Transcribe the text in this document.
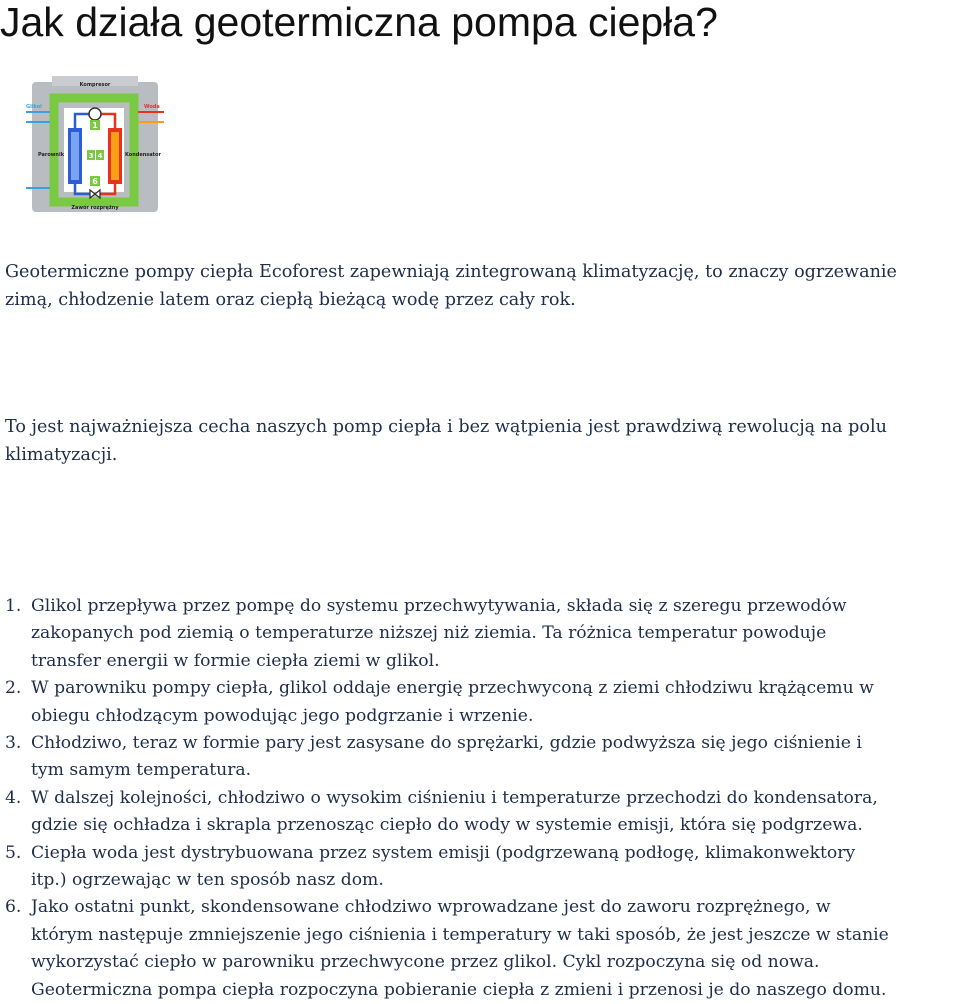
Jak działa geotermiczna pompa ciepła?
1
3 4
6
Kompresor
Parownik	Kondensator
Zawór rozprężny
Glikol	Woda

Geotermiczne pompy ciepła Ecoforest zapewniają zintegrowaną klimatyzację, to znaczy ogrzewanie
zimą, chłodzenie latem oraz ciepłą bieżącą wodę przez cały rok.

To jest najważniejsza cecha naszych pomp ciepła i bez wątpienia jest prawdziwą rewolucją na polu
klimatyzacji.

1. Glikol przepływa przez pompę do systemu przechwytywania, składa się z szeregu przewodów
zakopanych pod ziemią o temperaturze niższej niż ziemia. Ta różnica temperatur powoduje
transfer energii w formie ciepła ziemi w glikol.
2. W parowniku pompy ciepła, glikol oddaje energię przechwyconą z ziemi chłodziwu krążącemu w
obiegu chłodzącym powodując jego podgrzanie i wrzenie.
3. Chłodziwo, teraz w formie pary jest zasysane do sprężarki, gdzie podwyższa się jego ciśnienie i
tym samym temperatura.
4. W dalszej kolejności, chłodziwo o wysokim ciśnieniu i temperaturze przechodzi do kondensatora,
gdzie się ochładza i skrapla przenosząc ciepło do wody w systemie emisji, która się podgrzewa.
5. Ciepła woda jest dystrybuowana przez system emisji (podgrzewaną podłogę, klimakonwektory
itp.) ogrzewając w ten sposób nasz dom.
6. Jako ostatni punkt, skondensowane chłodziwo wprowadzane jest do zaworu rozprężnego, w
którym następuje zmniejszenie jego ciśnienia i temperatury w taki sposób, że jest jeszcze w stanie
wykorzystać ciepło w parowniku przechwycone przez glikol. Cykl rozpoczyna się od nowa.
Geotermiczna pompa ciepła rozpoczyna pobieranie ciepła z zmieni i przenosi je do naszego domu.
